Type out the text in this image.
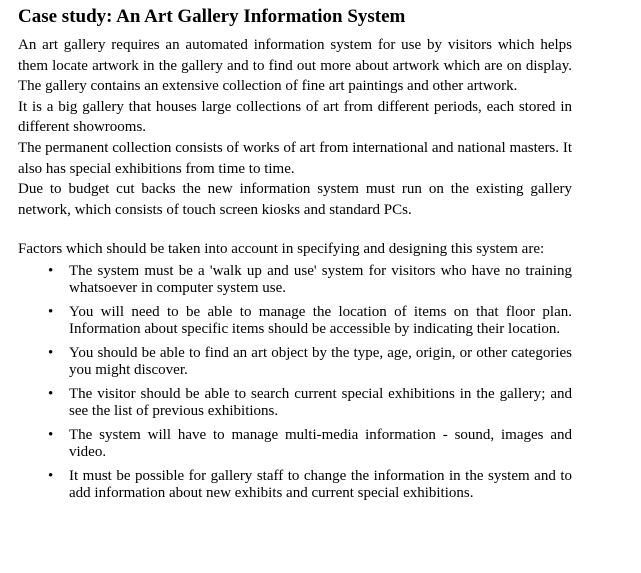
Case study: An Art Gallery Information System

An art gallery requires an automated information system for use by visitors which helps them locate artwork in the gallery and to find out more about artwork which are on display. The gallery contains an extensive collection of fine art paintings and other artwork.

It is a big gallery that houses large collections of art from different periods, each stored in different showrooms.

The permanent collection consists of works of art from international and national masters. It also has special exhibitions from time to time.

Due to budget cut backs the new information system must run on the existing gallery network, which consists of touch screen kiosks and standard PCs.

Factors which should be taken into account in specifying and designing this system are:

• The system must be a 'walk up and use' system for visitors who have no training whatsoever in computer system use.
• You will need to be able to manage the location of items on that floor plan. Information about specific items should be accessible by indicating their location.
• You should be able to find an art object by the type, age, origin, or other categories you might discover.
• The visitor should be able to search current special exhibitions in the gallery; and see the list of previous exhibitions.
• The system will have to manage multi-media information - sound, images and video.
• It must be possible for gallery staff to change the information in the system and to add information about new exhibits and current special exhibitions.
